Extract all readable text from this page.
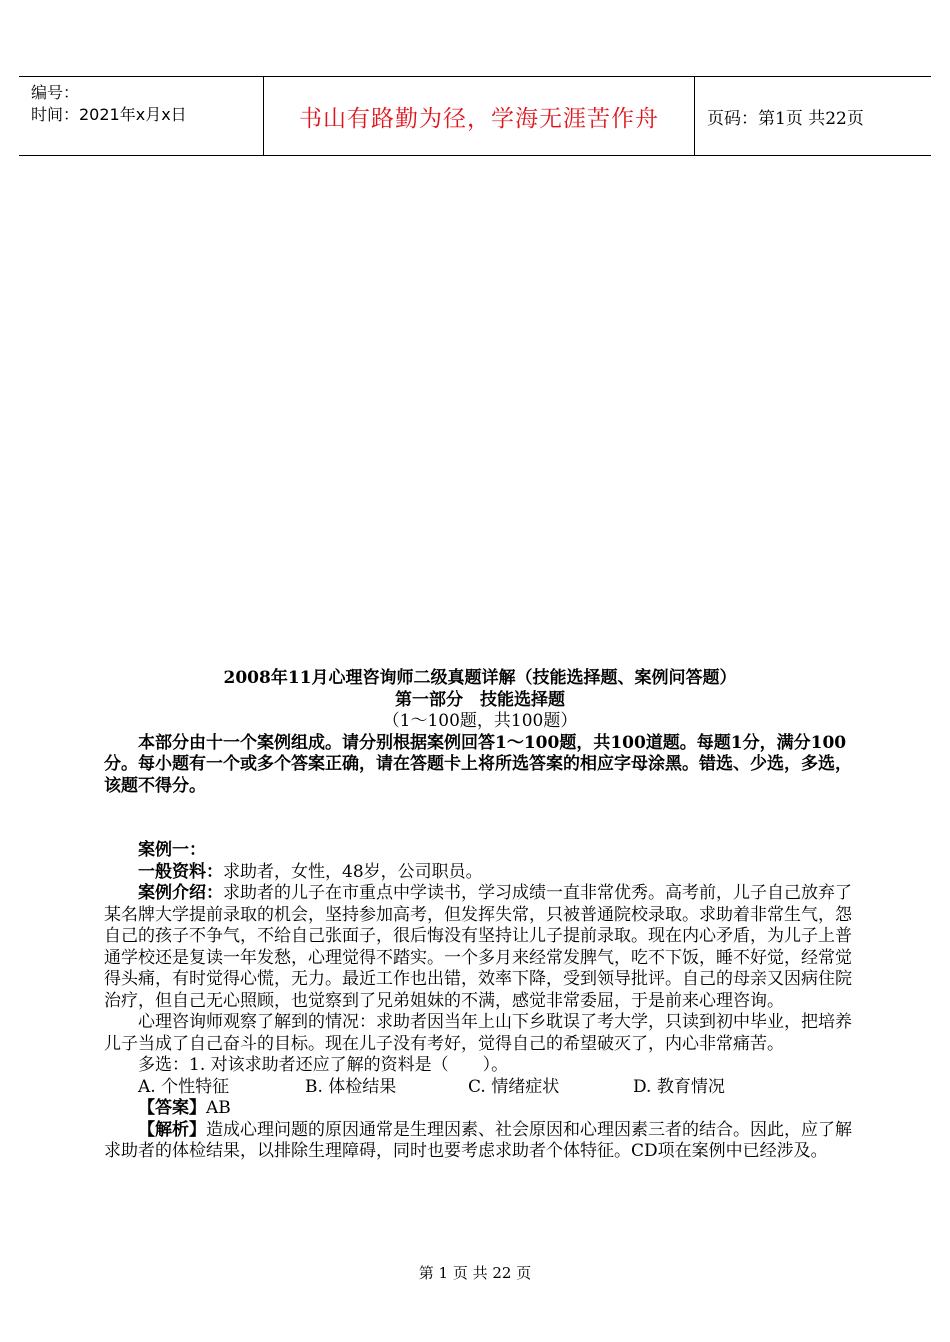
编号：
时间：2021年x月x日	书山有路勤为径，学海无涯苦作舟	页码：第1页 共22页

2008年11月心理咨询师二级真题详解（技能选择题、案例问答题）

第一部分　技能选择题

（1～100题，共100题）

本部分由十一个案例组成。请分别根据案例回答1～100题，共100道题。每题1分，满分100分。每小题有一个或多个答案正确，请在答题卡上将所选答案的相应字母涂黑。错选、少选，多选，该题不得分。

案例一：

一般资料：求助者，女性，48岁，公司职员。

案例介绍：求助者的儿子在市重点中学读书，学习成绩一直非常优秀。高考前，儿子自己放弃了某名牌大学提前录取的机会，坚持参加高考，但发挥失常，只被普通院校录取。求助着非常生气，怨自己的孩子不争气，不给自己张面子，很后悔没有坚持让儿子提前录取。现在内心矛盾，为儿子上普通学校还是复读一年发愁，心理觉得不踏实。一个多月来经常发脾气，吃不下饭，睡不好觉，经常觉得头痛，有时觉得心慌，无力。最近工作也出错，效率下降，受到领导批评。自己的母亲又因病住院治疗，但自己无心照顾，也觉察到了兄弟姐妹的不满，感觉非常委屈，于是前来心理咨询。

心理咨询师观察了解到的情况：求助者因当年上山下乡耽误了考大学，只读到初中毕业，把培养儿子当成了自己奋斗的目标。现在儿子没有考好，觉得自己的希望破灭了，内心非常痛苦。

多选：1. 对该求助者还应了解的资料是（　　）。

A. 个性特征	B. 体检结果	C. 情绪症状	D. 教育情况

【答案】AB

【解析】造成心理问题的原因通常是生理因素、社会原因和心理因素三者的结合。因此，应了解求助者的体检结果，以排除生理障碍，同时也要考虑求助者个体特征。CD项在案例中已经涉及。

第 1 页 共 22 页
